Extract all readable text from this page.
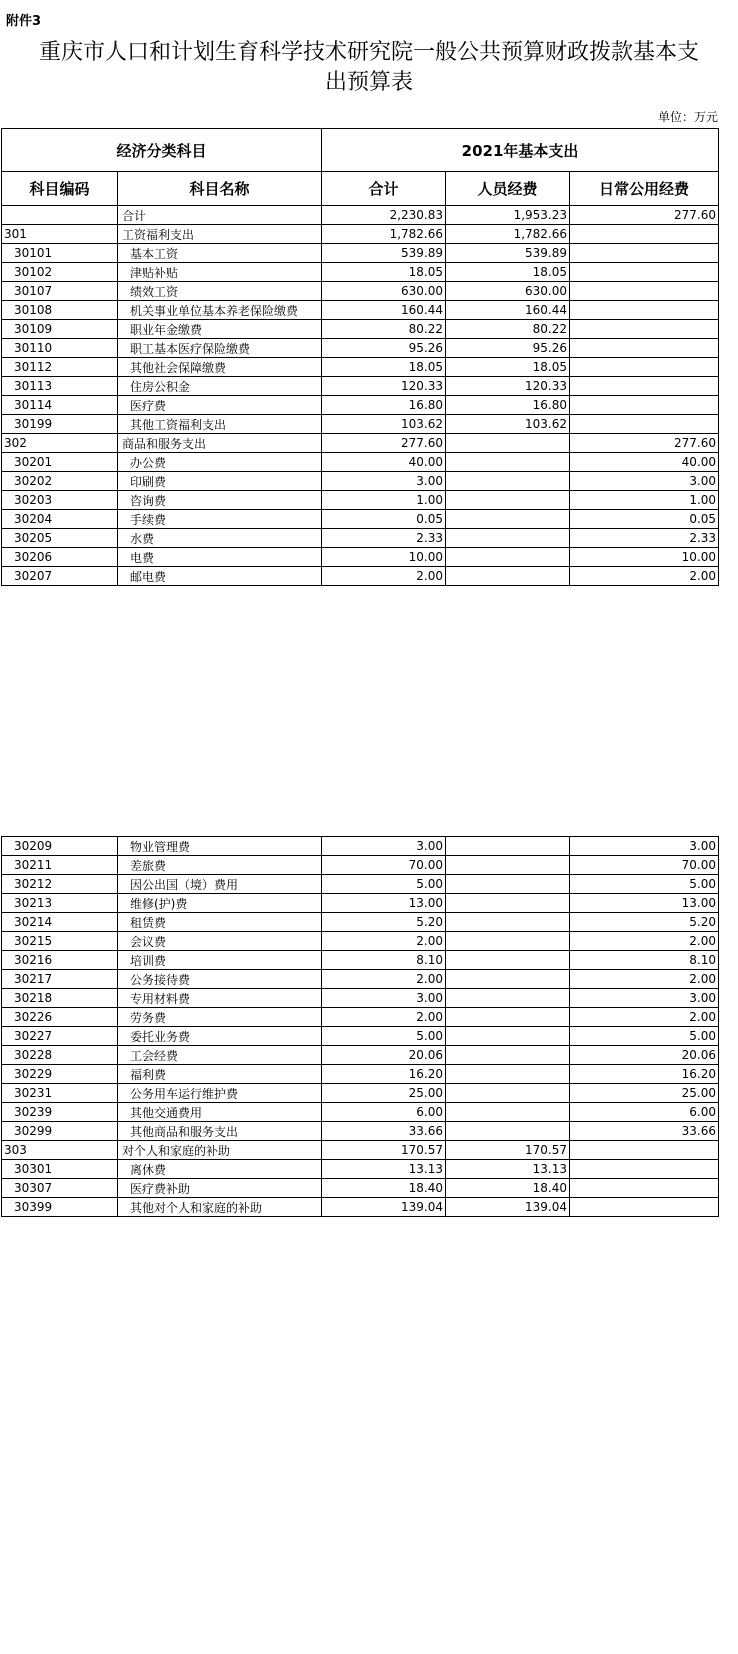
附件3
重庆市人口和计划生育科学技术研究院一般公共预算财政拨款基本支
出预算表
单位：万元
经济分类科目		2021年基本支出		
科目编码	科目名称	合计	人员经费	日常公用经费
	合计	2,230.83	1,953.23	277.60
301	工资福利支出	1,782.66	1,782.66	
30101	基本工资	539.89	539.89	
30102	津贴补贴	18.05	18.05	
30107	绩效工资	630.00	630.00	
30108	机关事业单位基本养老保险缴费	160.44	160.44	
30109	职业年金缴费	80.22	80.22	
30110	职工基本医疗保险缴费	95.26	95.26	
30112	其他社会保障缴费	18.05	18.05	
30113	住房公积金	120.33	120.33	
30114	医疗费	16.80	16.80	
30199	其他工资福利支出	103.62	103.62	
302	商品和服务支出	277.60		277.60
30201	办公费	40.00		40.00
30202	印刷费	3.00		3.00
30203	咨询费	1.00		1.00
30204	手续费	0.05		0.05
30205	水费	2.33		2.33
30206	电费	10.00		10.00
30207	邮电费	2.00		2.00
30209	物业管理费	3.00		3.00
30211	差旅费	70.00		70.00
30212	因公出国（境）费用	5.00		5.00
30213	维修(护)费	13.00		13.00
30214	租赁费	5.20		5.20
30215	会议费	2.00		2.00
30216	培训费	8.10		8.10
30217	公务接待费	2.00		2.00
30218	专用材料费	3.00		3.00
30226	劳务费	2.00		2.00
30227	委托业务费	5.00		5.00
30228	工会经费	20.06		20.06
30229	福利费	16.20		16.20
30231	公务用车运行维护费	25.00		25.00
30239	其他交通费用	6.00		6.00
30299	其他商品和服务支出	33.66		33.66
303	对个人和家庭的补助	170.57	170.57	
30301	离休费	13.13	13.13	
30307	医疗费补助	18.40	18.40	
30399	其他对个人和家庭的补助	139.04	139.04	
